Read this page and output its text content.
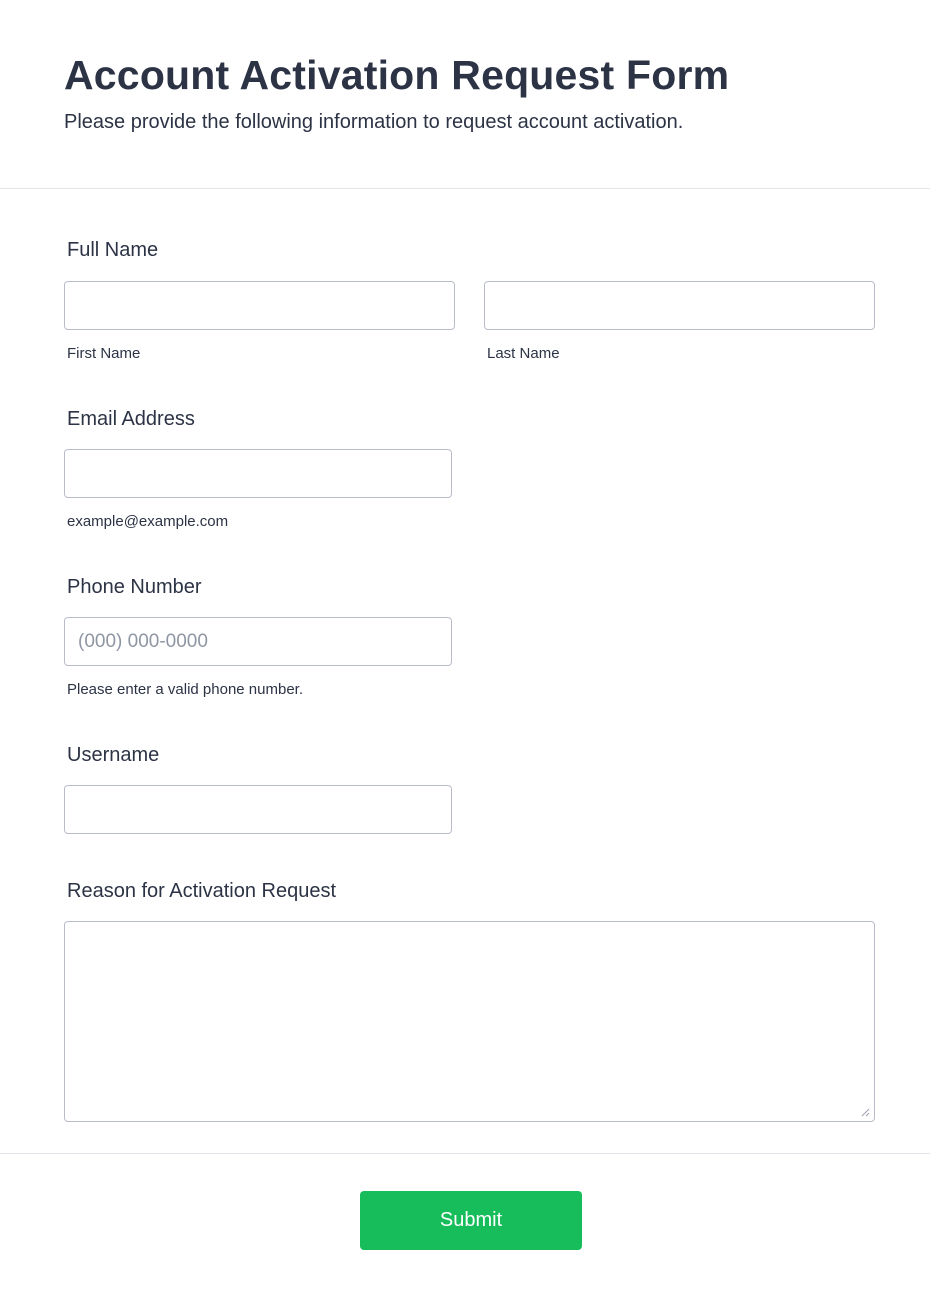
Account Activation Request Form
Please provide the following information to request account activation.
Full Name
First Name	Last Name
Email Address
example@example.com
Phone Number
(000) 000-0000
Please enter a valid phone number.
Username
Reason for Activation Request
Submit
